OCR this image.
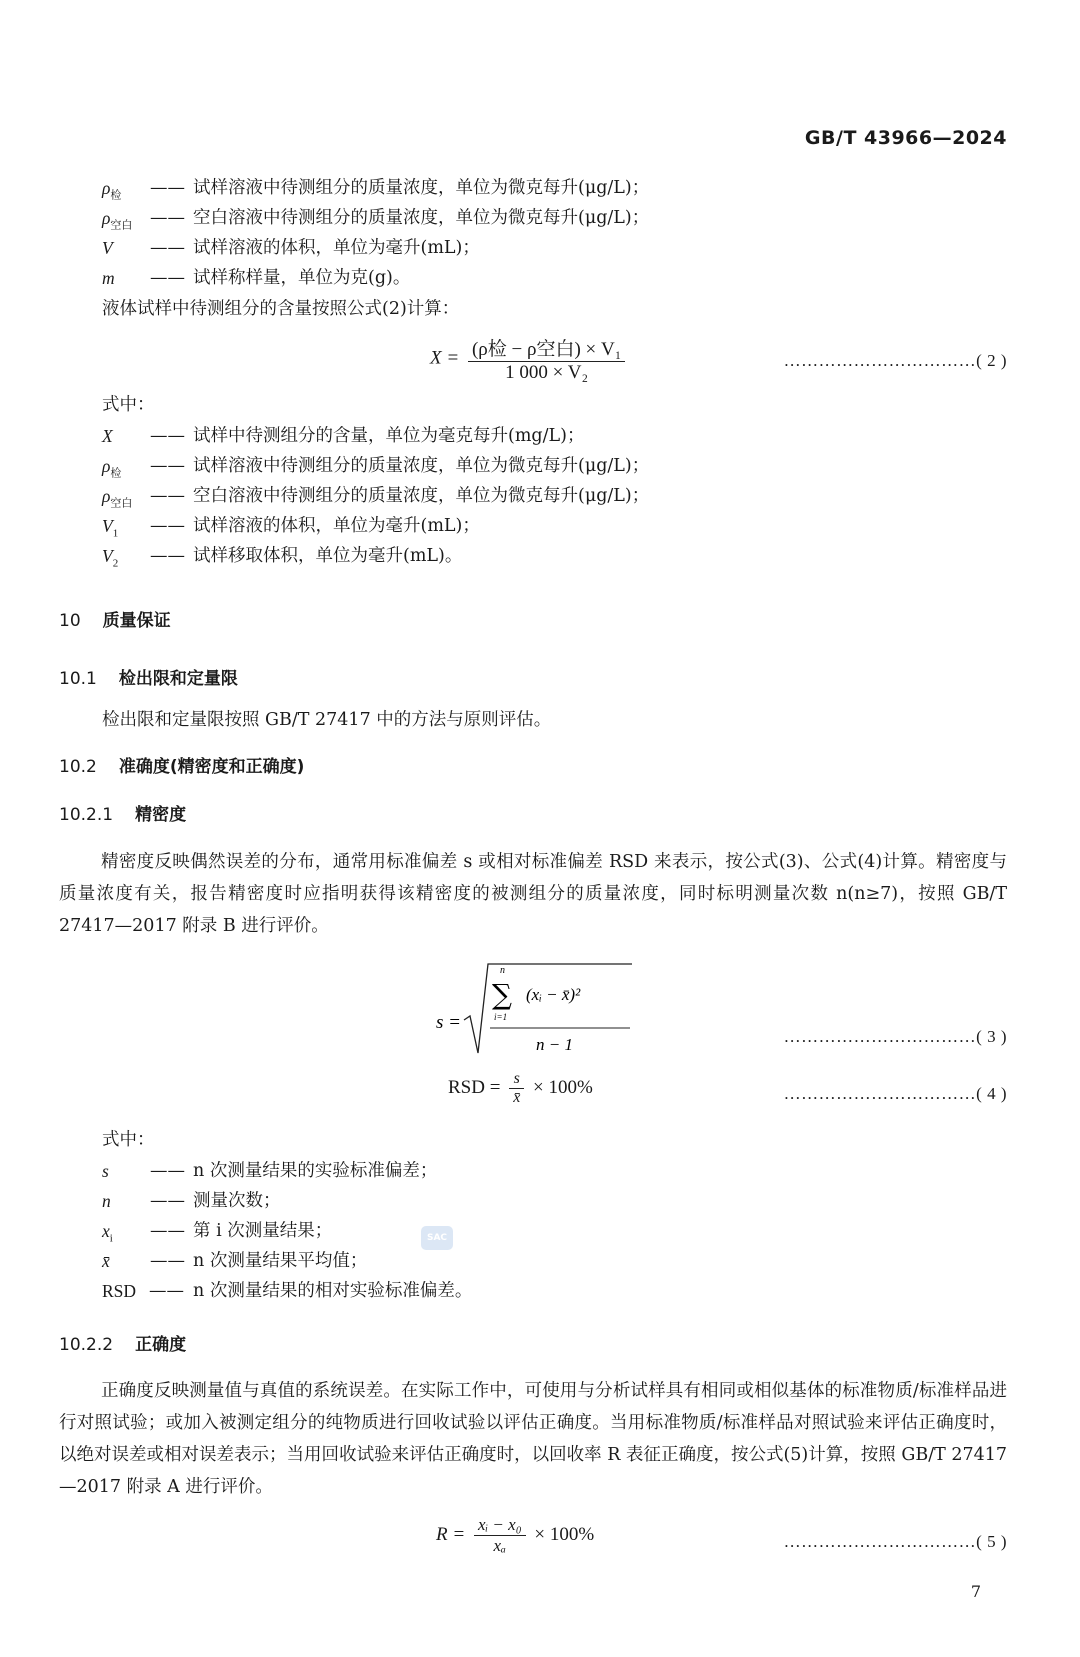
GB/T 43966—2024
$\rho_检$	—— 试样溶液中待测组分的质量浓度，单位为微克每升(μg/L)；
$\rho_{空白}$	—— 空白溶液中待测组分的质量浓度，单位为微克每升(μg/L)；
V	—— 试样溶液的体积，单位为毫升(mL)；
m	—— 试样称样量，单位为克(g)。
液体试样中待测组分的含量按照公式(2)计算：
$X = \frac{\text{(ρ检 − ρ空白) × V₁}}{\text{1 000 × V₂}}$	……………………………( 2 )
式中：
X	—— 试样中待测组分的含量，单位为毫克每升(mg/L)；
$\rho_检$	—— 试样溶液中待测组分的质量浓度，单位为微克每升(μg/L)；
$\rho_{空白}$	—— 空白溶液中待测组分的质量浓度，单位为微克每升(μg/L)；
$V_1$	—— 试样溶液的体积，单位为毫升(mL)；
$V_2$	—— 试样移取体积，单位为毫升(mL)。
10 质量保证
10.1 检出限和定量限
检出限和定量限按照 GB/T 27417 中的方法与原则评估。
10.2 准确度(精密度和正确度)
10.2.1 精密度
精密度反映偶然误差的分布，通常用标准偏差 s 或相对标准偏差 RSD 来表示，按公式(3)、公式(4)计算。精密度与质量浓度有关，报告精密度时应指明获得该精密度的被测组分的质量浓度，同时标明测量次数 n(n≥7)，按照 GB/T 27417—2017 附录 B 进行评价。
s =
n
∑
i=1
(xᵢ − x̄)²
n − 1	……………………………( 3 )
RSD = $\frac{s}{x̄} \times 100\%$	……………………………( 4 )
式中：
s	—— n 次测量结果的实验标准偏差；
n	—— 测量次数；
$x_i$	—— 第 i 次测量结果；
x̄	—— n 次测量结果平均值；
RSD —— n 次测量结果的相对实验标准偏差。
SAC
10.2.2 正确度
正确度反映测量值与真值的系统误差。在实际工作中，可使用与分析试样具有相同或相似基体的标准物质/标准样品进行对照试验；或加入被测定组分的纯物质进行回收试验以评估正确度。当用标准物质/标准样品对照试验来评估正确度时，以绝对误差或相对误差表示；当用回收试验来评估正确度时，以回收率 R 表征正确度，按公式(5)计算，按照 GB/T 27417—2017 附录 A 进行评价。
$R = \frac{\text{xᵢ − x₀}}{\text{xₐ}} \times 100\%$	……………………………( 5 )
7
